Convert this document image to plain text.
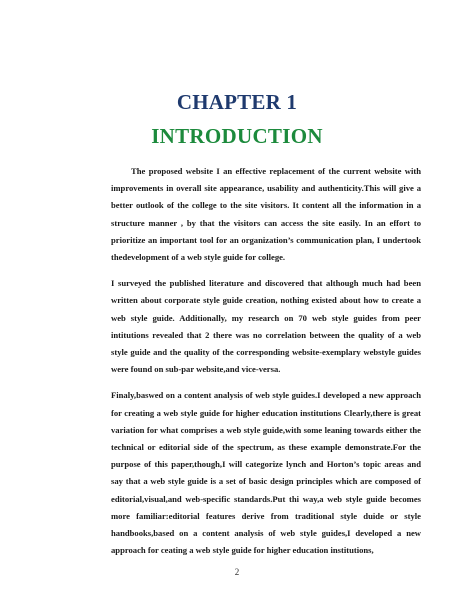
CHAPTER 1
INTRODUCTION

The proposed website I an effective replacement of the current website with improvements in overall site appearance, usability and authenticity.This will give a better outlook of the college to the site visitors. It content all the information in a structure manner , by that the visitors can access the site easily. In an effort to prioritize an important tool for an organization’s communication plan, I undertook thedevelopment of a web style guide for college.

I surveyed the published literature and discovered that although much had been written about corporate style guide creation, nothing existed about how to create a web style guide. Additionally, my research on 70 web style guides from peer intitutions revealed that 2 there was no correlation between the quality of a web style guide and the quality of the corresponding website-exemplary webstyle guides were found on sub-par website,and vice-versa.

Finaly,baswed on a content analysis of web style guides.I developed a new approach for creating a web style guide for higher education institutions Clearly,there is great variation for what comprises a web style guide,with some leaning towards either the technical or editorial side of the spectrum, as these example demonstrate.For the purpose of this paper,though,I will categorize lynch and Horton’s topic areas and say that a web style guide is a set of basic design principles which are composed of editorial,visual,and web-specific standards.Put thi way,a web style guide becomes more familiar:editorial features derive from traditional style duide or style handbooks,based on a content analysis of web style guides,I developed a new approach for ceating a web style guide for higher education institutions,

2
